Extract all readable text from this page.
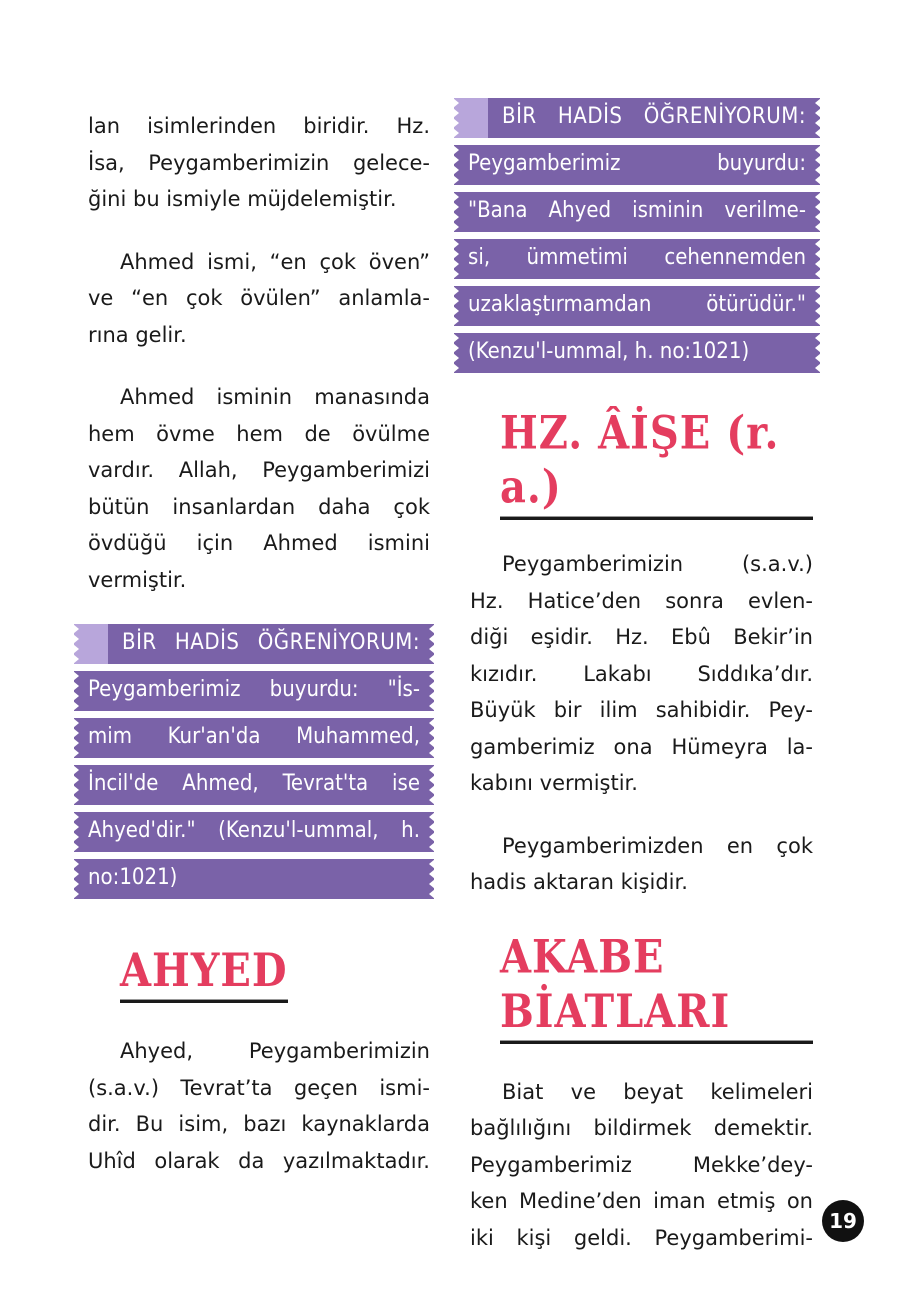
lan isimlerinden biridir. Hz.
İsa, Peygamberimizin gelece-
ğini bu ismiyle müjdelemiştir.
Ahmed ismi, “en çok öven”
ve “en çok övülen” anlamla-
rına gelir.
Ahmed isminin manasında
hem övme hem de övülme
vardır. Allah, Peygamberimizi
bütün insanlardan daha çok
övdüğü için Ahmed ismini
vermiştir.
BİR HADİS ÖĞRENİYORUM:
Peygamberimiz buyurdu: "İs-
mim Kur'an'da Muhammed,
İncil'de Ahmed, Tevrat'ta ise
Ahyed'dir." (Kenzu'l-ummal, h.
no:1021)
AHYED
Ahyed, Peygamberimizin
(s.a.v.) Tevrat’ta geçen ismi-
dir. Bu isim, bazı kaynaklarda
Uhîd olarak da yazılmaktadır.
BİR HADİS ÖĞRENİYORUM:
Peygamberimiz buyurdu:
"Bana Ahyed isminin verilme-
si, ümmetimi cehennemden
uzaklaştırmamdan ötürüdür."
(Kenzu'l-ummal, h. no:1021)
HZ. ÂİŞE (r. a.)
Peygamberimizin (s.a.v.)
Hz. Hatice’den sonra evlen-
diği eşidir. Hz. Ebû Bekir’in
kızıdır. Lakabı Sıddıka’dır.
Büyük bir ilim sahibidir. Pey-
gamberimiz ona Hümeyra la-
kabını vermiştir.
Peygamberimizden en çok
hadis aktaran kişidir.
AKABE BİATLARI
Biat ve beyat kelimeleri
bağlılığını bildirmek demektir.
Peygamberimiz Mekke’dey-
ken Medine’den iman etmiş on
iki kişi geldi. Peygamberimi-
19
